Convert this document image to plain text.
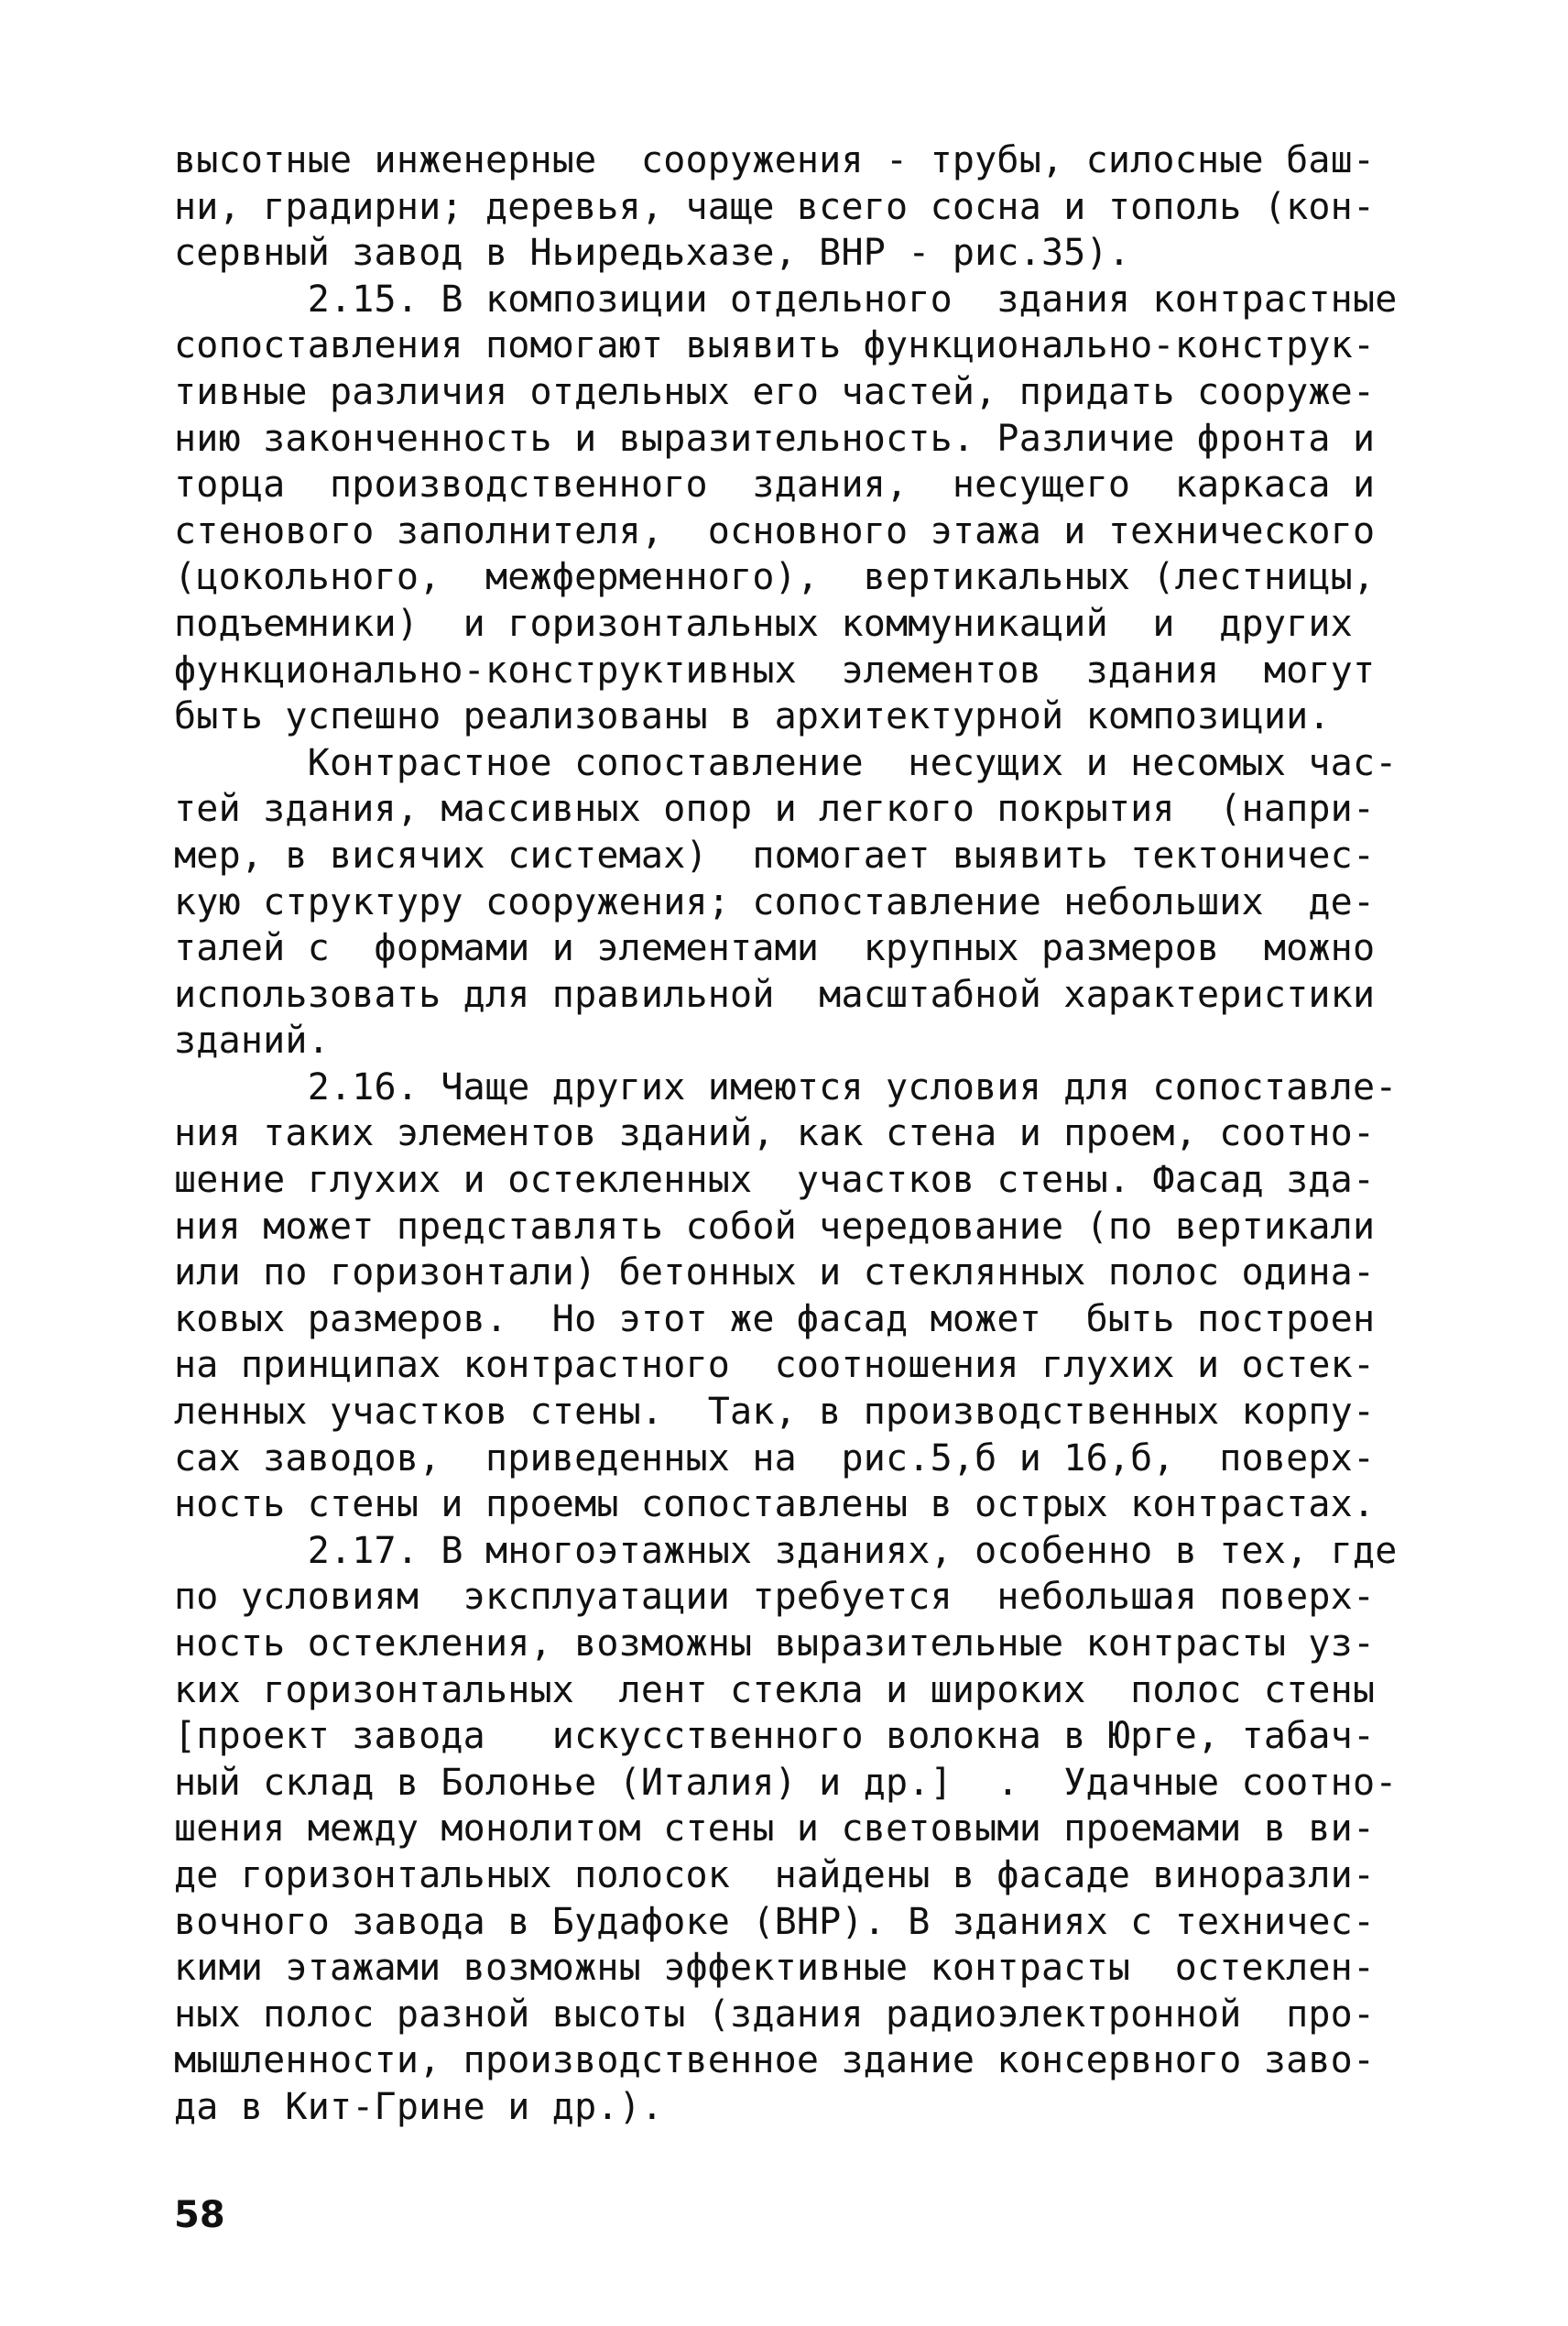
высотные инженерные  сооружения - трубы, силосные баш-
ни, градирни; деревья, чаще всего сосна и тополь (кон-
сервный завод в Ньиредьхазе, ВНР - рис.35).
2.15. В композиции отдельного  здания контрастные
сопоставления помогают выявить функционально-конструк-
тивные различия отдельных его частей, придать сооруже-
нию законченность и выразительность. Различие фронта и
торца  производственного  здания,  несущего  каркаса и
стенового заполнителя,  основного этажа и технического
(цокольного,  межферменного),  вертикальных (лестницы,
подъемники)  и горизонтальных коммуникаций  и  других
функционально-конструктивных  элементов  здания  могут
быть успешно реализованы в архитектурной композиции.
Контрастное сопоставление  несущих и несомых час-
тей здания, массивных опор и легкого покрытия  (напри-
мер, в висячих системах)  помогает выявить тектоничес-
кую структуру сооружения; сопоставление небольших  де-
талей с  формами и элементами  крупных размеров  можно
использовать для правильной  масштабной характеристики
зданий.
2.16. Чаще других имеются условия для сопоставле-
ния таких элементов зданий, как стена и проем, соотно-
шение глухих и остекленных  участков стены. Фасад зда-
ния может представлять собой чередование (по вертикали
или по горизонтали) бетонных и стеклянных полос одина-
ковых размеров.  Но этот же фасад может  быть построен
на принципах контрастного  соотношения глухих и остек-
ленных участков стены.  Так, в производственных корпу-
сах заводов,  приведенных на  рис.5,б и 16,б,  поверх-
ность стены и проемы сопоставлены в острых контрастах.
2.17. В многоэтажных зданиях, особенно в тех, где
по условиям  эксплуатации требуется  небольшая поверх-
ность остекления, возможны выразительные контрасты уз-
ких горизонтальных  лент стекла и широких  полос стены
[проект завода   искусственного волокна в Юрге, табач-
ный склад в Болонье (Италия) и др.]  .  Удачные соотно-
шения между монолитом стены и световыми проемами в ви-
де горизонтальных полосок  найдены в фасаде виноразли-
вочного завода в Будафоке (ВНР). В зданиях с техничес-
кими этажами возможны эффективные контрасты  остеклен-
ных полос разной высоты (здания радиоэлектронной  про-
мышленности, производственное здание консервного заво-
да в Кит-Грине и др.).
58
